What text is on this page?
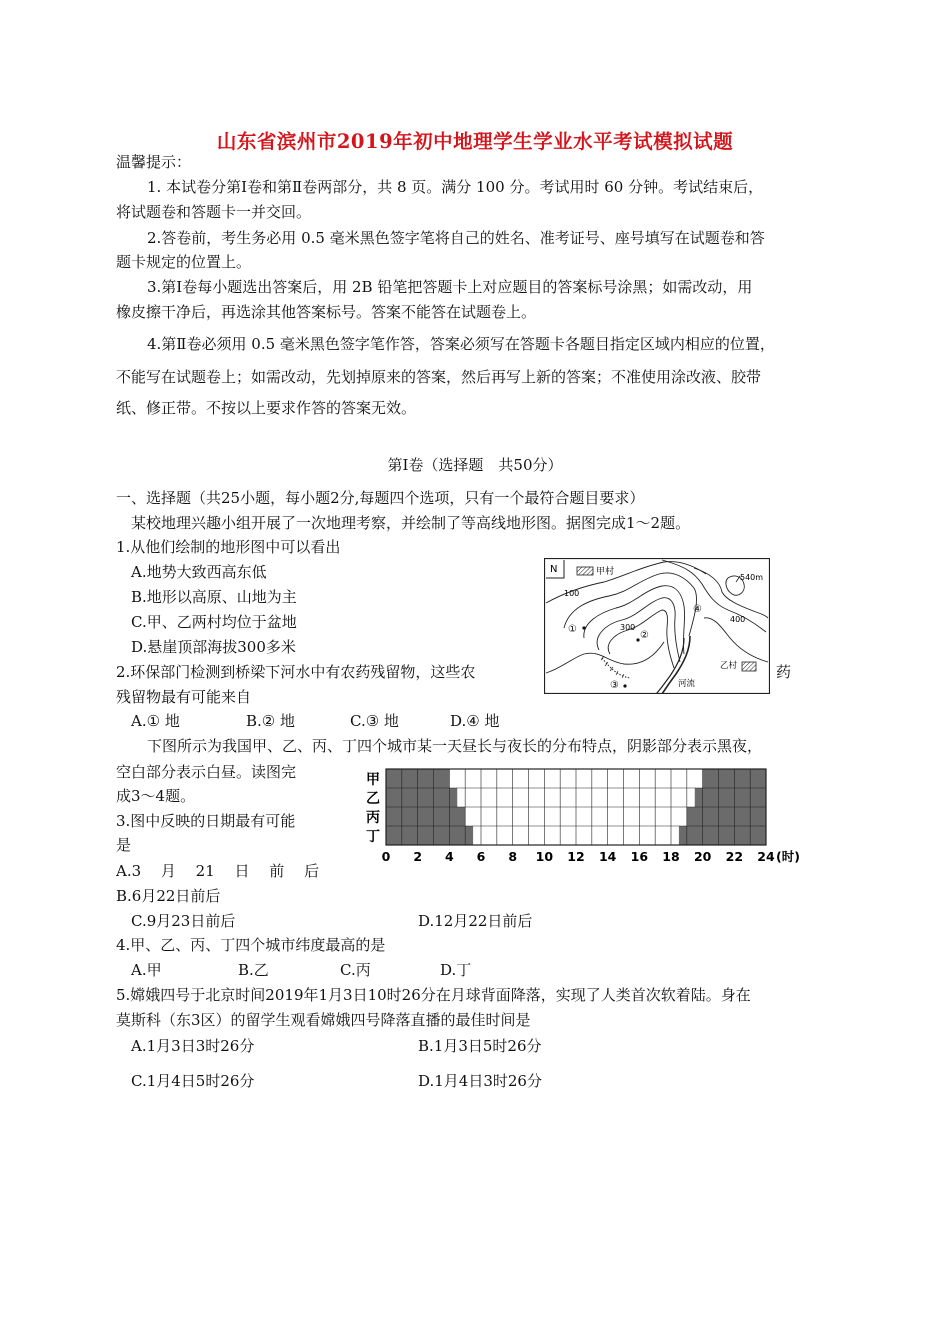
山东省滨州市2019年初中地理学生学业水平考试模拟试题
温馨提示：
1. 本试卷分第Ⅰ卷和第Ⅱ卷两部分，共 8 页。满分 100 分。考试用时 60 分钟。考试结束后，
将试题卷和答题卡一并交回。
2.答卷前，考生务必用 0.5 毫米黑色签字笔将自己的姓名、准考证号、座号填写在试题卷和答
题卡规定的位置上。
3.第Ⅰ卷每小题选出答案后，用 2B 铅笔把答题卡上对应题目的答案标号涂黑；如需改动，用
橡皮擦干净后，再选涂其他答案标号。答案不能答在试题卷上。
4.第Ⅱ卷必须用 0.5 毫米黑色签字笔作答，答案必须写在答题卡各题目指定区域内相应的位置，
不能写在试题卷上；如需改动，先划掉原来的答案，然后再写上新的答案；不准使用涂改液、胶带
纸、修正带。不按以上要求作答的答案无效。
第Ⅰ卷（选择题　共50分）
一、选择题（共25小题，每小题2分,每题四个选项，只有一个最符合题目要求）
某校地理兴趣小组开展了一次地理考察，并绘制了等高线地形图。据图完成1～2题。
1.从他们绘制的地形图中可以看出
A.地势大致西高东低
B.地形以高原、山地为主
C.甲、乙两村均位于盆地
D.悬崖顶部海拔300多米
2.环保部门检测到桥梁下河水中有农药残留物，这些农	药
残留物最有可能来自
A.① 地	B.② 地	C.③ 地	D.④ 地
N	甲村
540m
100
300
400
河流
乙村
①
②
③
④
下图所示为我国甲、乙、丙、丁四个城市某一天昼长与夜长的分布特点，阴影部分表示黑夜，
空白部分表示白昼。读图完
成3～4题。
甲
乙
丙
丁
0 2 4 6 8 10 12 14 16 18 20 22 24 (时)
3.图中反映的日期最有可能
是
A.3　 月　 21　 日　 前　 后
B.6月22日前后
C.9月23日前后	D.12月22日前后
4.甲、乙、丙、丁四个城市纬度最高的是
A.甲	B.乙	C.丙	D.丁
5.嫦娥四号于北京时间2019年1月3日10时26分在月球背面降落，实现了人类首次软着陆。身在
莫斯科（东3区）的留学生观看嫦娥四号降落直播的最佳时间是
A.1月3日3时26分	B.1月3日5时26分
C.1月4日5时26分	D.1月4日3时26分
